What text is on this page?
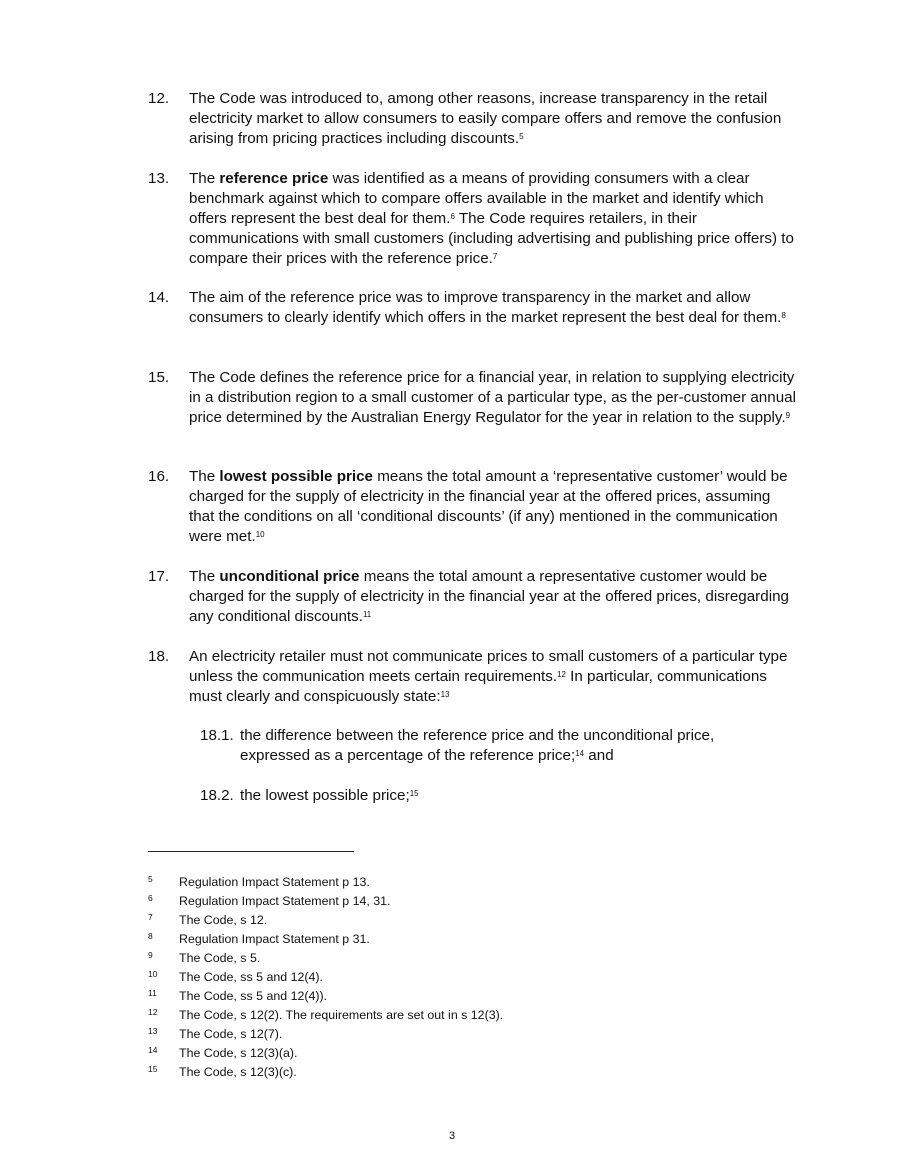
12.	The Code was introduced to, among other reasons, increase transparency in the retail electricity market to allow consumers to easily compare offers and remove the confusion arising from pricing practices including discounts.$^5$
13.	The reference price was identified as a means of providing consumers with a clear benchmark against which to compare offers available in the market and identify which offers represent the best deal for them.$^6$ The Code requires retailers, in their communications with small customers (including advertising and publishing price offers) to compare their prices with the reference price.$^7$
14.	The aim of the reference price was to improve transparency in the market and allow consumers to clearly identify which offers in the market represent the best deal for them.$^8$
15.	The Code defines the reference price for a financial year, in relation to supplying electricity in a distribution region to a small customer of a particular type, as the per-customer annual price determined by the Australian Energy Regulator for the year in relation to the supply.$^9$
16.	The lowest possible price means the total amount a ‘representative customer’ would be charged for the supply of electricity in the financial year at the offered prices, assuming that the conditions on all ‘conditional discounts’ (if any) mentioned in the communication were met.$^{10}$
17.	The unconditional price means the total amount a representative customer would be charged for the supply of electricity in the financial year at the offered prices, disregarding any conditional discounts.$^{11}$
18.	An electricity retailer must not communicate prices to small customers of a particular type unless the communication meets certain requirements.$^{12}$ In particular, communications must clearly and conspicuously state:$^{13}$
18.1. the difference between the reference price and the unconditional price, expressed as a percentage of the reference price;$^{14}$ and
18.2. the lowest possible price;$^{15}$
5 Regulation Impact Statement p 13.
6 Regulation Impact Statement p 14, 31.
7 The Code, s 12.
8 Regulation Impact Statement p 31.
9 The Code, s 5.
10 The Code, ss 5 and 12(4).
11 The Code, ss 5 and 12(4)).
12 The Code, s 12(2). The requirements are set out in s 12(3).
13 The Code, s 12(7).
14 The Code, s 12(3)(a).
15 The Code, s 12(3)(c).
3
